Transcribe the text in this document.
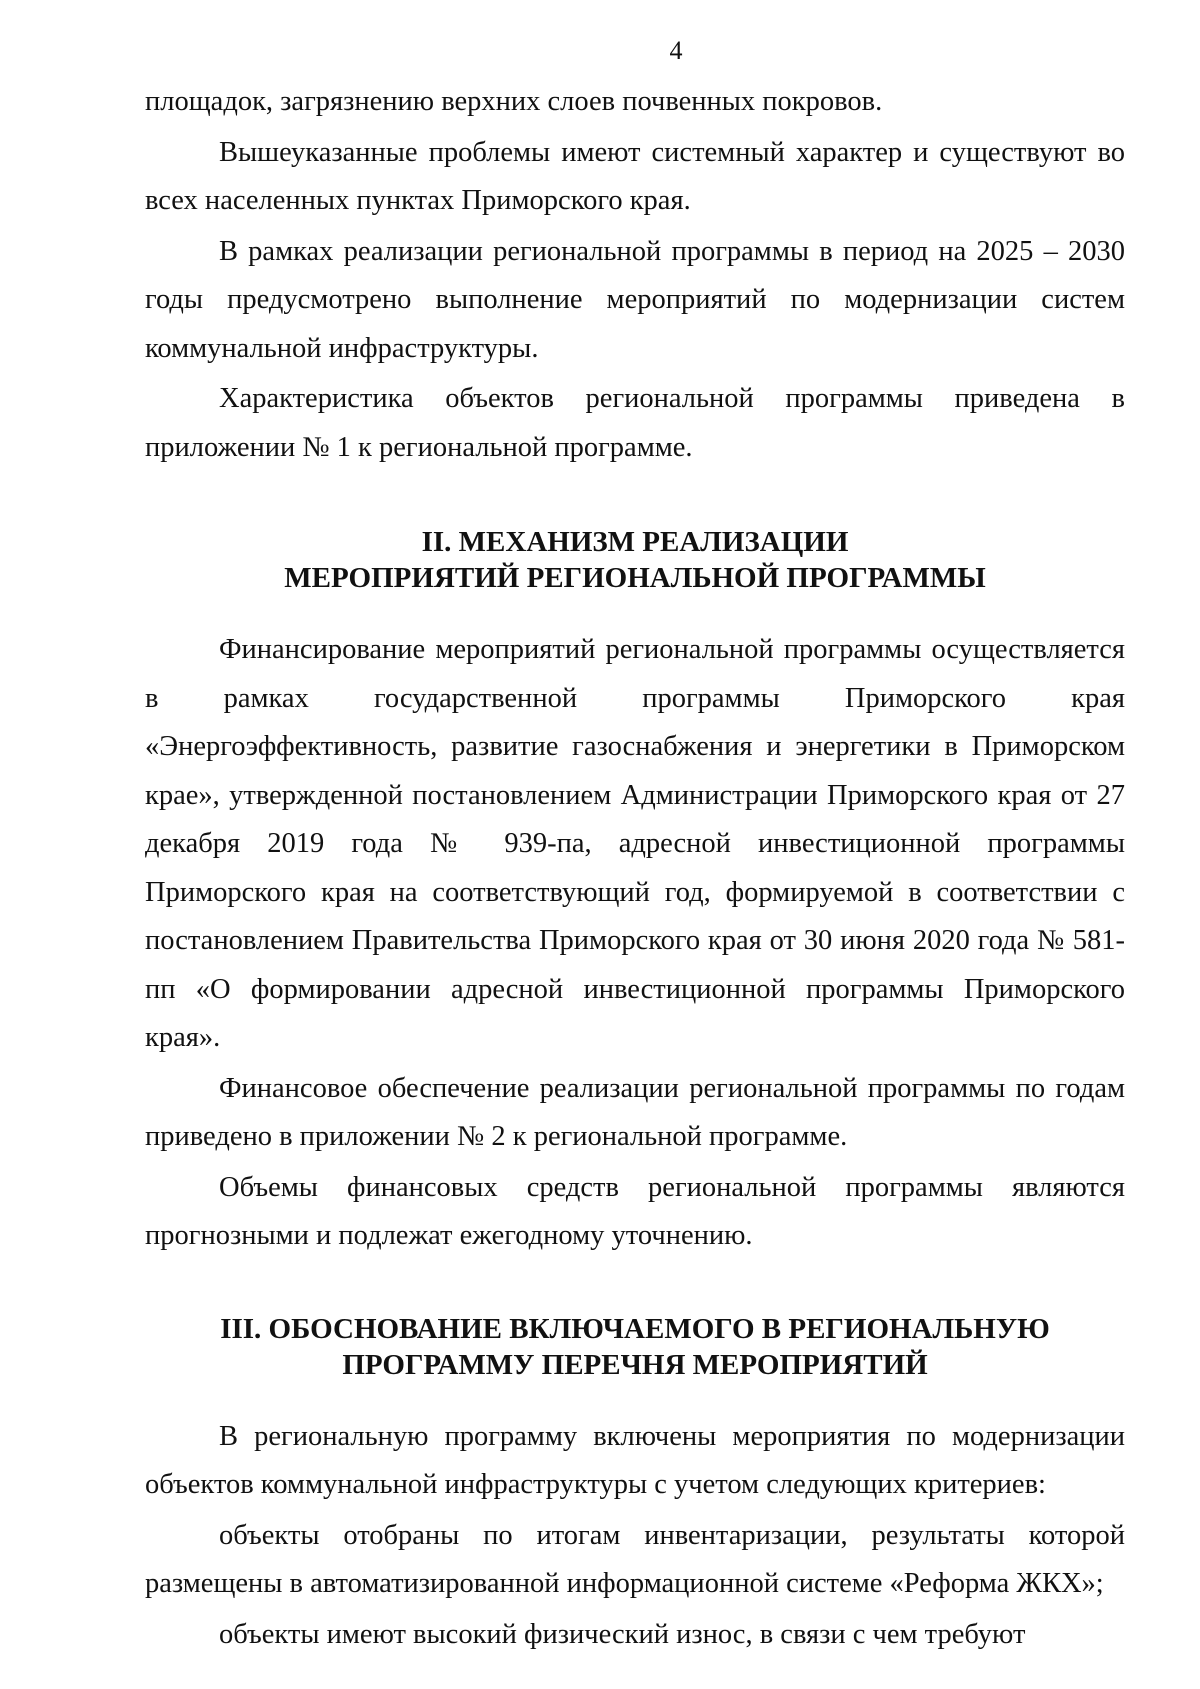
4

площадок, загрязнению верхних слоев почвенных покровов.

Вышеуказанные проблемы имеют системный характер и существуют во всех населенных пунктах Приморского края.

В рамках реализации региональной программы в период на 2025 – 2030 годы предусмотрено выполнение мероприятий по модернизации систем коммунальной инфраструктуры.

Характеристика объектов региональной программы приведена в приложении № 1 к региональной программе.

II. МЕХАНИЗМ РЕАЛИЗАЦИИ
МЕРОПРИЯТИЙ РЕГИОНАЛЬНОЙ ПРОГРАММЫ

Финансирование мероприятий региональной программы осуществляется в рамках государственной программы Приморского края «Энергоэффективность, развитие газоснабжения и энергетики в Приморском крае», утвержденной постановлением Администрации Приморского края от 27 декабря 2019 года № 939-па, адресной инвестиционной программы Приморского края на соответствующий год, формируемой в соответствии с постановлением Правительства Приморского края от 30 июня 2020 года № 581-пп «О формировании адресной инвестиционной программы Приморского края».

Финансовое обеспечение реализации региональной программы по годам приведено в приложении № 2 к региональной программе.

Объемы финансовых средств региональной программы являются прогнозными и подлежат ежегодному уточнению.

III. ОБОСНОВАНИЕ ВКЛЮЧАЕМОГО В РЕГИОНАЛЬНУЮ
ПРОГРАММУ ПЕРЕЧНЯ МЕРОПРИЯТИЙ

В региональную программу включены мероприятия по модернизации объектов коммунальной инфраструктуры с учетом следующих критериев:

объекты отобраны по итогам инвентаризации, результаты которой размещены в автоматизированной информационной системе «Реформа ЖКХ»;

объекты имеют высокий физический износ, в связи с чем требуют
